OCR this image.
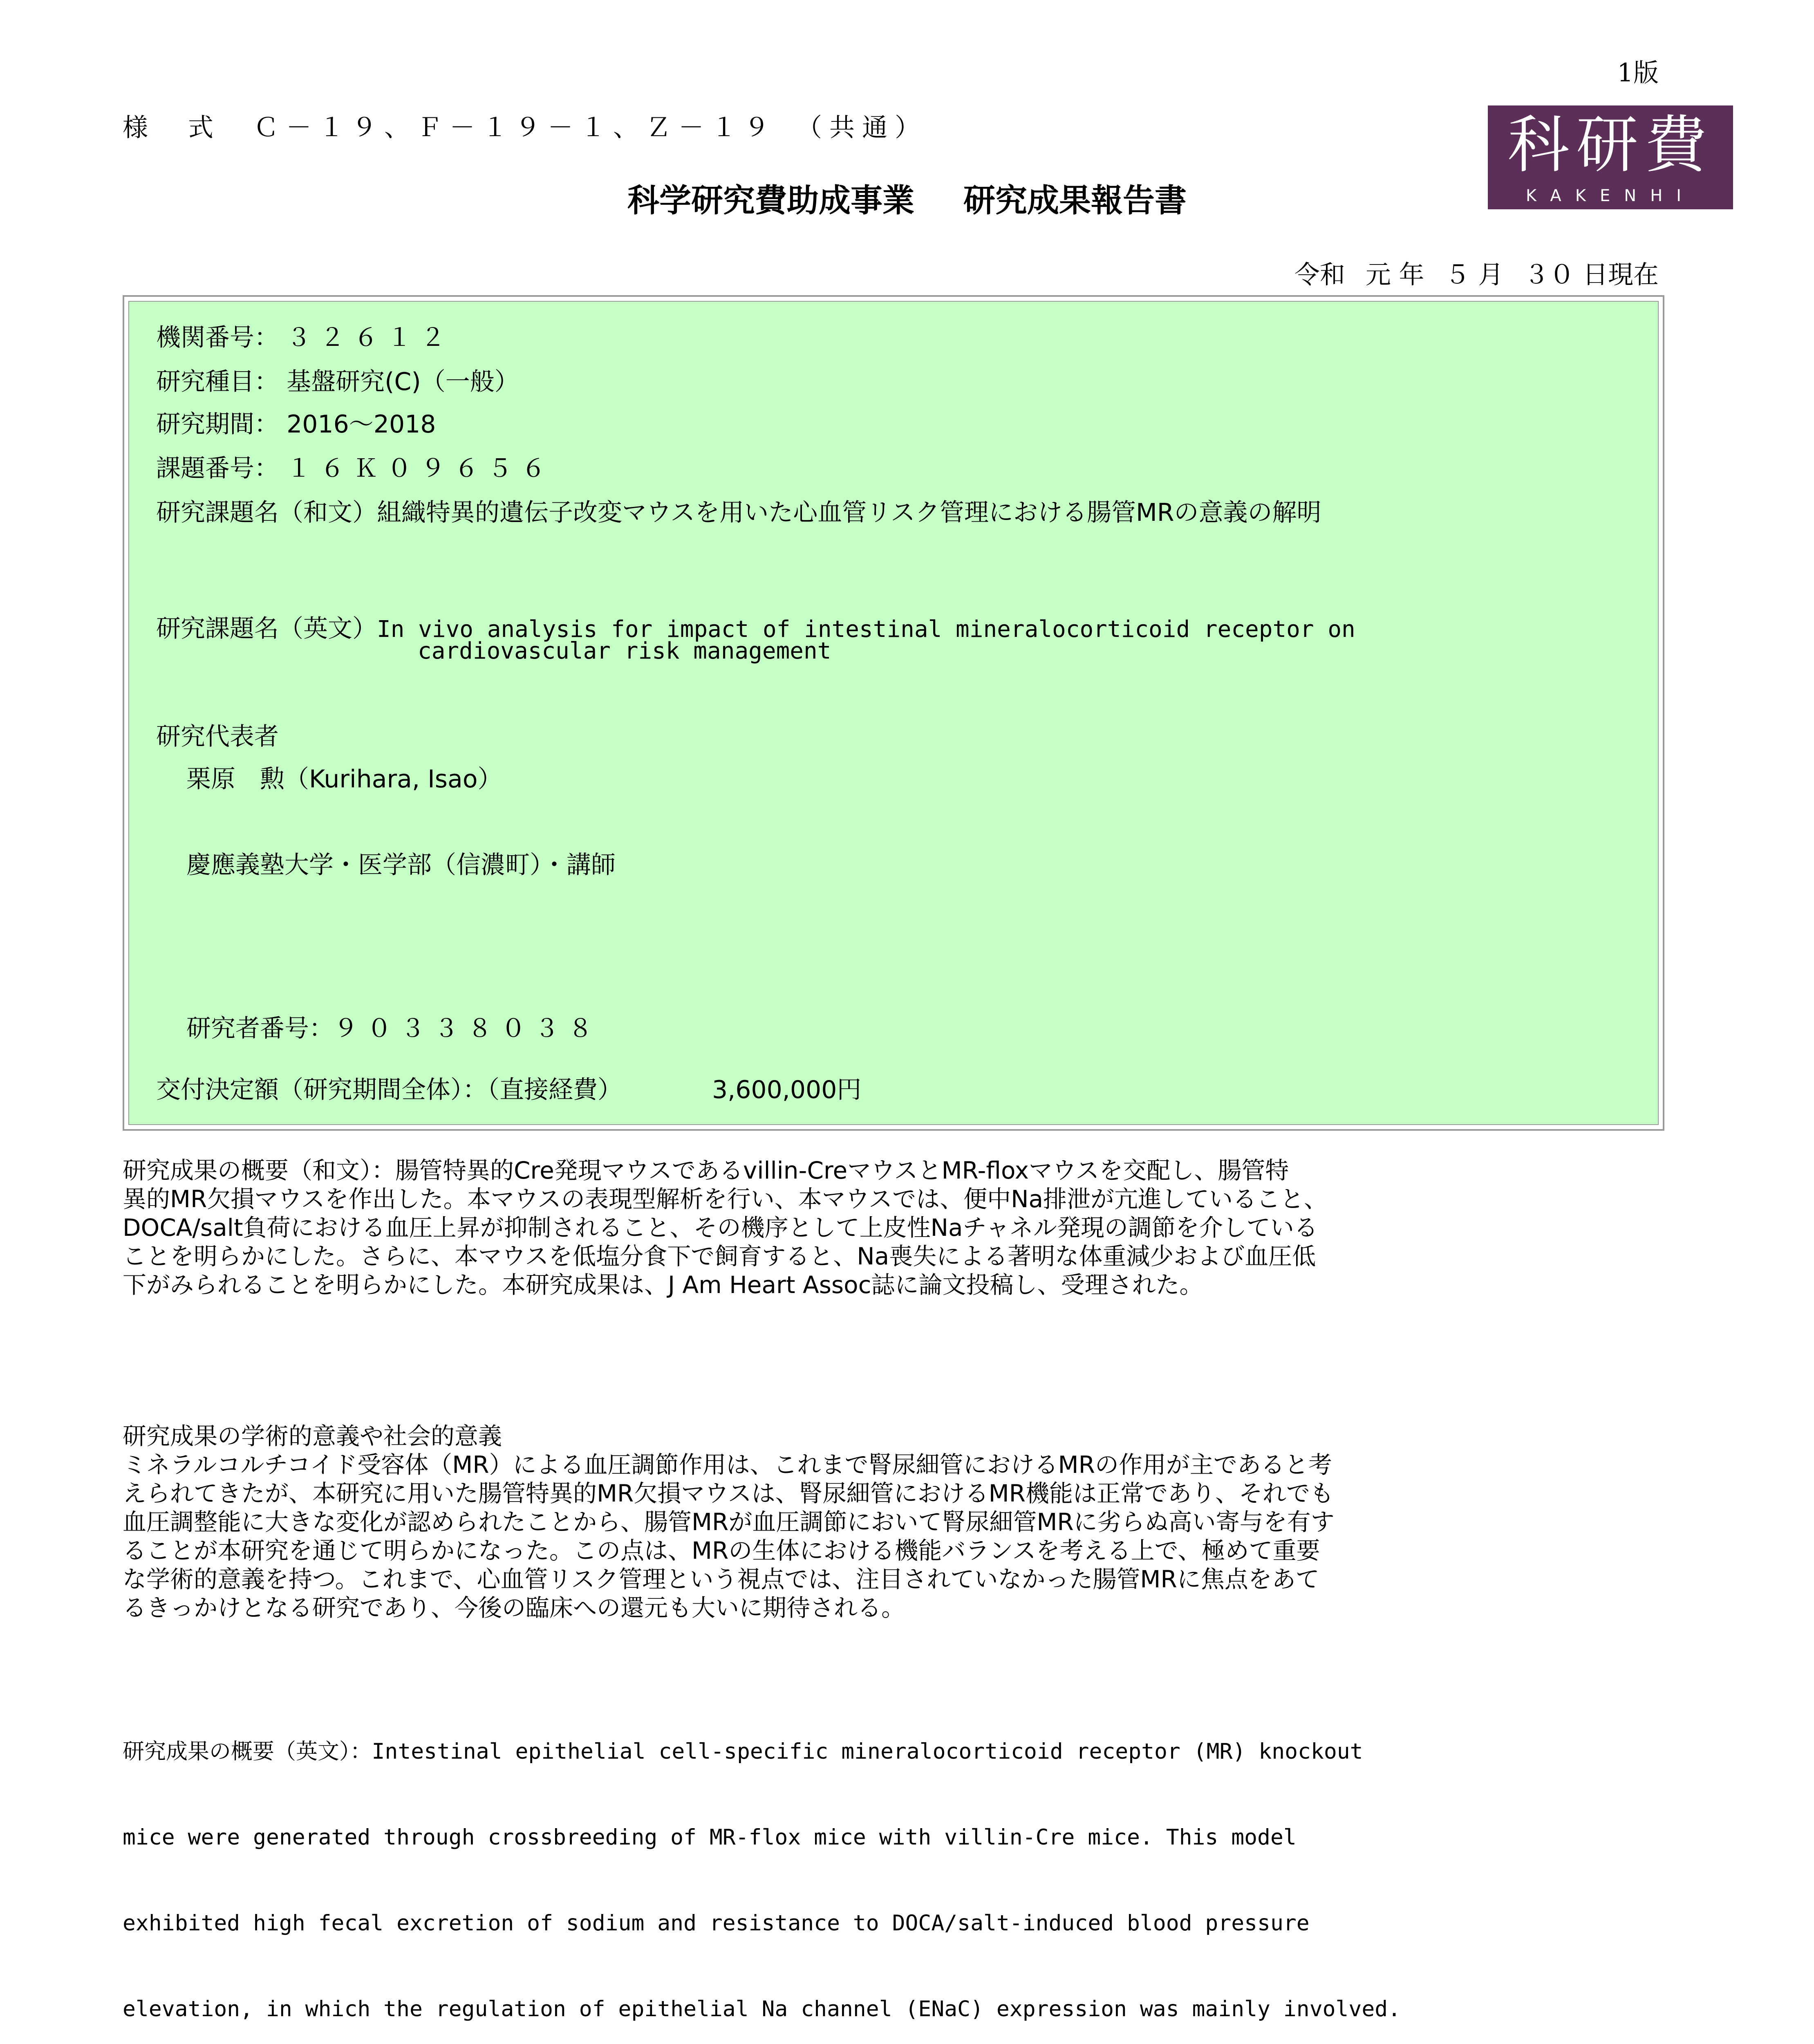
1版
様　式　Ｃ－１９、Ｆ－１９－１、Ｚ－１９　（共通）
科学研究費助成事業 研究成果報告書
科研費
KAKENHI
令和 元 年 ５ 月 ３０ 日現在
機関番号： ３２６１２
研究種目： 基盤研究(C)（一般）
研究期間： 2016～2018
課題番号： １６Ｋ０９６５６
研究課題名（和文）組織特異的遺伝子改変マウスを用いた心血管リスク管理における腸管MRの意義の解明
研究課題名（英文）In vivo analysis for impact of intestinal mineralocorticoid receptor on
cardiovascular risk management
研究代表者
栗原　勲（Kurihara, Isao）
慶應義塾大学・医学部（信濃町）・講師
研究者番号：９０３３８０３８
交付決定額（研究期間全体）：（直接経費）	3,600,000円
研究成果の概要（和文）：腸管特異的Cre発現マウスであるvillin-CreマウスとMR-floxマウスを交配し、腸管特
異的MR欠損マウスを作出した。本マウスの表現型解析を行い、本マウスでは、便中Na排泄が亢進していること、
DOCA/salt負荷における血圧上昇が抑制されること、その機序として上皮性Naチャネル発現の調節を介している
ことを明らかにした。さらに、本マウスを低塩分食下で飼育すると、Na喪失による著明な体重減少および血圧低
下がみられることを明らかにした。本研究成果は、J Am Heart Assoc誌に論文投稿し、受理された。
研究成果の学術的意義や社会的意義
ミネラルコルチコイド受容体（MR）による血圧調節作用は、これまで腎尿細管におけるMRの作用が主であると考
えられてきたが、本研究に用いた腸管特異的MR欠損マウスは、腎尿細管におけるMR機能は正常であり、それでも
血圧調整能に大きな変化が認められたことから、腸管MRが血圧調節において腎尿細管MRに劣らぬ高い寄与を有す
ることが本研究を通じて明らかになった。この点は、MRの生体における機能バランスを考える上で、極めて重要
な学術的意義を持つ。これまで、心血管リスク管理という視点では、注目されていなかった腸管MRに焦点をあて
るきっかけとなる研究であり、今後の臨床への還元も大いに期待される。

研究成果の概要（英文）：Intestinal epithelial cell-specific mineralocorticoid receptor (MR) knockout

mice were generated through crossbreeding of MR-flox mice with villin-Cre mice. This model

exhibited high fecal excretion of sodium and resistance to DOCA/salt-induced blood pressure

elevation, in which the regulation of epithelial Na channel (ENaC) expression was mainly involved.
